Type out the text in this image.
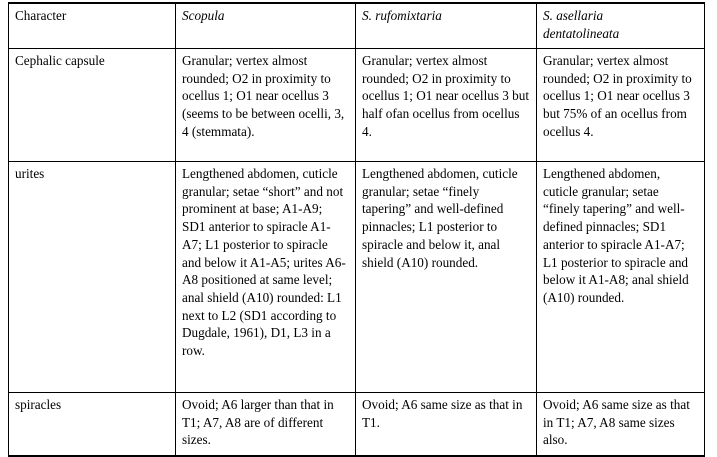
Character	Scopula	S. rufomixtaria	S. asellaria
dentatolineata

Cephalic capsule	Granular; vertex almost rounded; O2 in proximity to ocellus 1; O1 near ocellus 3 (seems to be between ocelli, 3, 4 (stemmata).	Granular; vertex almost rounded; O2 in proximity to ocellus 1; O1 near ocellus 3 but half ofan ocellus from ocellus 4.	Granular; vertex almost rounded; O2 in proximity to ocellus 1; O1 near ocellus 3 but 75% of an ocellus from ocellus 4.
urites	Lengthened abdomen, cuticle granular; setae “short” and not prominent at base; A1-A9; SD1 anterior to spiracle A1-A7; L1 posterior to spiracle and below it A1-A5; urites A6-A8 positioned at same level; anal shield (A10) rounded: L1 next to L2 (SD1 according to Dugdale, 1961), D1, L3 in a row.	Lengthened abdomen, cuticle granular; setae “finely tapering” and well-defined pinnacles; L1 posterior to spiracle and below it, anal shield (A10) rounded.	Lengthened abdomen, cuticle granular; setae “finely tapering” and well-defined pinnacles; SD1 anterior to spiracle A1-A7; L1 posterior to spiracle and below it A1-A8; anal shield (A10) rounded.
spiracles	Ovoid; A6 larger than that in T1; A7, A8 are of different sizes.	Ovoid; A6 same size as that in T1.	Ovoid; A6 same size as that in T1; A7, A8 same sizes also.
